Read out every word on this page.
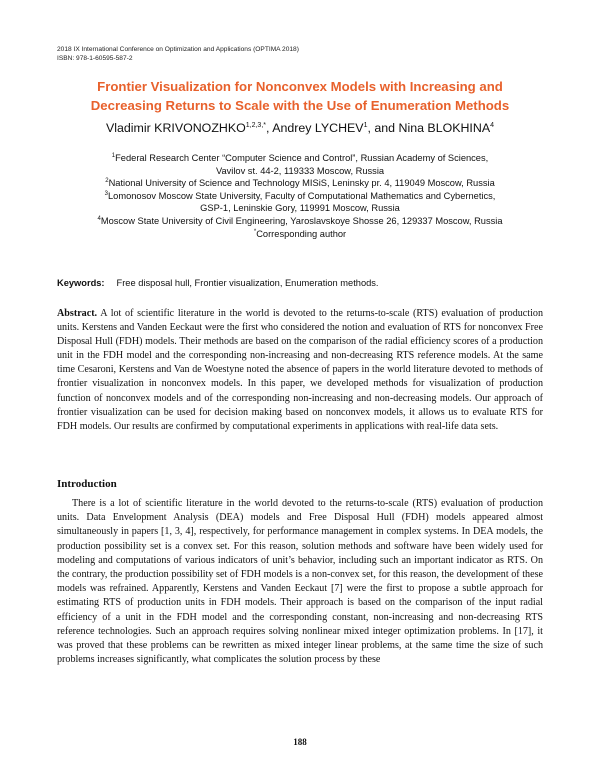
2018 IX International Conference on Optimization and Applications (OPTIMA 2018)
ISBN: 978-1-60595-587-2
Frontier Visualization for Nonconvex Models with Increasing and
Decreasing Returns to Scale with the Use of Enumeration Methods
Vladimir $KRIVONOZHKO^{1,2,3,*}$, Andrey LYCHEV$^1$, and Nina BLOKHINA$^4$
$^1$Federal Research Center “Computer Science and Control”, Russian Academy of Sciences,
Vavilov st. 44-2, 119333 Moscow, Russia
$^2$National University of Science and Technology MISiS, Leninsky pr. 4, 119049 Moscow, Russia
$^3$Lomonosov Moscow State University, Faculty of Computational Mathematics and Cybernetics,
GSP-1, Leninskie Gory, 119991 Moscow, Russia
$^4$Moscow State University of Civil Engineering, Yaroslavskoye Shosse 26, 129337 Moscow, Russia
*Corresponding author
Keywords: Free disposal hull, Frontier visualization, Enumeration methods.

Abstract. A lot of scientific literature in the world is devoted to the returns-to-scale (RTS) evaluation of production units. Kerstens and Vanden Eeckaut were the first who considered the notion and evaluation of RTS for nonconvex Free Disposal Hull (FDH) models. Their methods are based on the comparison of the radial efficiency scores of a production unit in the FDH model and the corresponding non-increasing and non-decreasing RTS reference models. At the same time Cesaroni, Kerstens and Van de Woestyne noted the absence of papers in the world literature devoted to methods of frontier visualization in nonconvex models. In this paper, we developed methods for visualization of production function of nonconvex models and of the corresponding non-increasing and non-decreasing models. Our approach of frontier visualization can be used for decision making based on nonconvex models, it allows us to evaluate RTS for FDH models. Our results are confirmed by computational experiments in applications with real-life data sets.

Introduction

There is a lot of scientific literature in the world devoted to the returns-to-scale (RTS) evaluation of production units. Data Envelopment Analysis (DEA) models and Free Disposal Hull (FDH) models appeared almost simultaneously in papers [1, 3, 4], respectively, for performance management in complex systems. In DEA models, the production possibility set is a convex set. For this reason, solution methods and software have been widely used for modeling and computations of various indicators of unit’s behavior, including such an important indicator as RTS. On the contrary, the production possibility set of FDH models is a non-convex set, for this reason, the development of these models was refrained. Apparently, Kerstens and Vanden Eeckaut [7] were the first to propose a subtle approach for estimating RTS of production units in FDH models. Their approach is based on the comparison of the input radial efficiency of a unit in the FDH model and the corresponding constant, non-increasing and non-decreasing RTS reference technologies. Such an approach requires solving nonlinear mixed integer optimization problems. In [17], it was proved that these problems can be rewritten as mixed integer linear problems, at the same time the size of such problems increases significantly, what complicates the solution process by these

188
